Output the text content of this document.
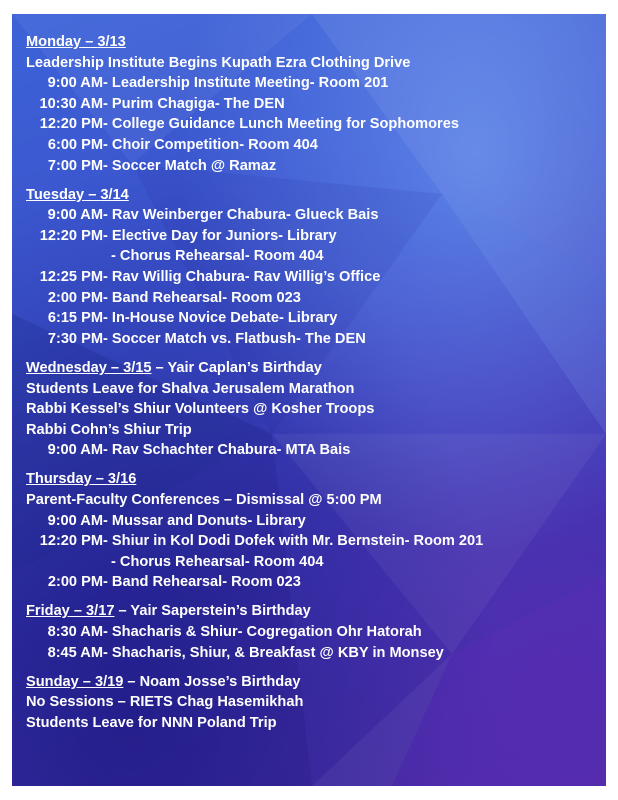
Monday – 3/13
Leadership Institute Begins Kupath Ezra Clothing Drive
9:00 AM- Leadership Institute Meeting- Room 201
10:30 AM- Purim Chagiga- The DEN
12:20 PM- College Guidance Lunch Meeting for Sophomores
6:00 PM- Choir Competition- Room 404
7:00 PM- Soccer Match @ Ramaz
Tuesday – 3/14
9:00 AM- Rav Weinberger Chabura- Glueck Bais
12:20 PM- Elective Day for Juniors- Library
- Chorus Rehearsal- Room 404
12:25 PM- Rav Willig Chabura- Rav Willig’s Office
2:00 PM- Band Rehearsal- Room 023
6:15 PM- In-House Novice Debate- Library
7:30 PM- Soccer Match vs. Flatbush- The DEN
Wednesday – 3/15 – Yair Caplan’s Birthday
Students Leave for Shalva Jerusalem Marathon
Rabbi Kessel’s Shiur Volunteers @ Kosher Troops
Rabbi Cohn’s Shiur Trip
9:00 AM- Rav Schachter Chabura- MTA Bais
Thursday – 3/16
Parent-Faculty Conferences – Dismissal @ 5:00 PM
9:00 AM- Mussar and Donuts- Library
12:20 PM- Shiur in Kol Dodi Dofek with Mr. Bernstein- Room 201
- Chorus Rehearsal- Room 404
2:00 PM- Band Rehearsal- Room 023
Friday – 3/17 – Yair Saperstein’s Birthday
8:30 AM- Shacharis & Shiur- Cogregation Ohr Hatorah
8:45 AM- Shacharis, Shiur, & Breakfast @ KBY in Monsey
Sunday – 3/19 – Noam Josse’s Birthday
No Sessions – RIETS Chag Hasemikhah
Students Leave for NNN Poland Trip
